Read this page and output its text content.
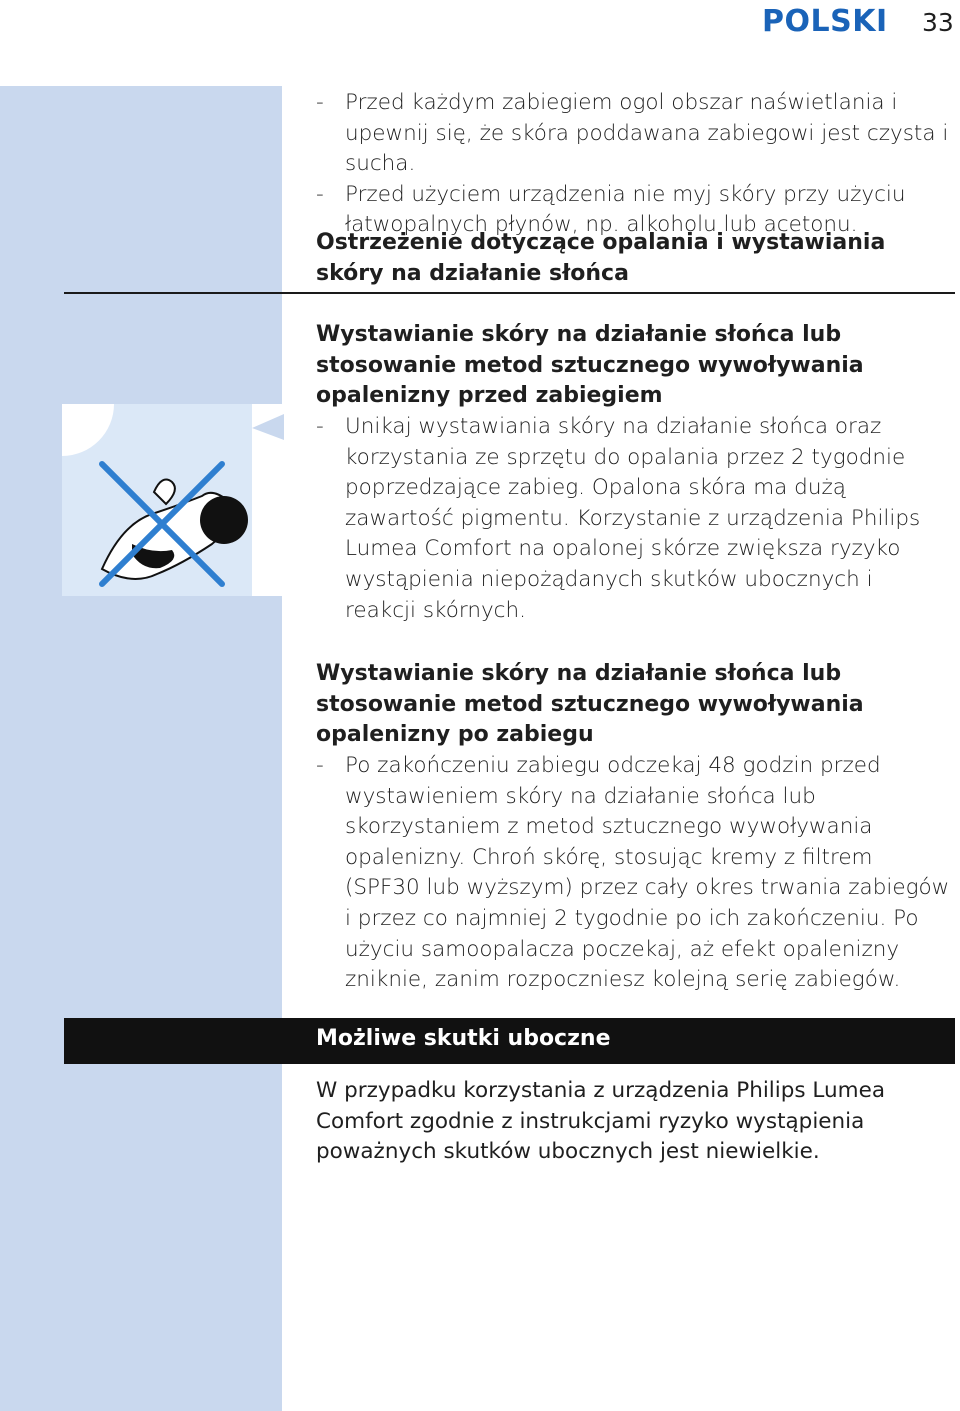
POLSKI 33
- Przed każdym zabiegiem ogol obszar naświetlania i upewnij się, że skóra poddawana zabiegowi jest czysta i sucha.
- Przed użyciem urządzenia nie myj skóry przy użyciu łatwopalnych płynów, np. alkoholu lub acetonu.
Ostrzeżenie dotyczące opalania i wystawiania skóry na działanie słońca
Wystawianie skóry na działanie słońca lub stosowanie metod sztucznego wywoływania opalenizny przed zabiegiem
- Unikaj wystawiania skóry na działanie słońca oraz korzystania ze sprzętu do opalania przez 2 tygodnie poprzedzające zabieg. Opalona skóra ma dużą zawartość pigmentu. Korzystanie z urządzenia Philips Lumea Comfort na opalonej skórze zwiększa ryzyko wystąpienia niepożądanych skutków ubocznych i reakcji skórnych.
Wystawianie skóry na działanie słońca lub stosowanie metod sztucznego wywoływania opalenizny po zabiegu
- Po zakończeniu zabiegu odczekaj 48 godzin przed wystawieniem skóry na działanie słońca lub skorzystaniem z metod sztucznego wywoływania opalenizny. Chroń skórę, stosując kremy z filtrem (SPF30 lub wyższym) przez cały okres trwania zabiegów i przez co najmniej 2 tygodnie po ich zakończeniu. Po użyciu samoopalacza poczekaj, aż efekt opalenizny zniknie, zanim rozpoczniesz kolejną serię zabiegów.
Możliwe skutki uboczne
W przypadku korzystania z urządzenia Philips Lumea Comfort zgodnie z instrukcjami ryzyko wystąpienia poważnych skutków ubocznych jest niewielkie.
